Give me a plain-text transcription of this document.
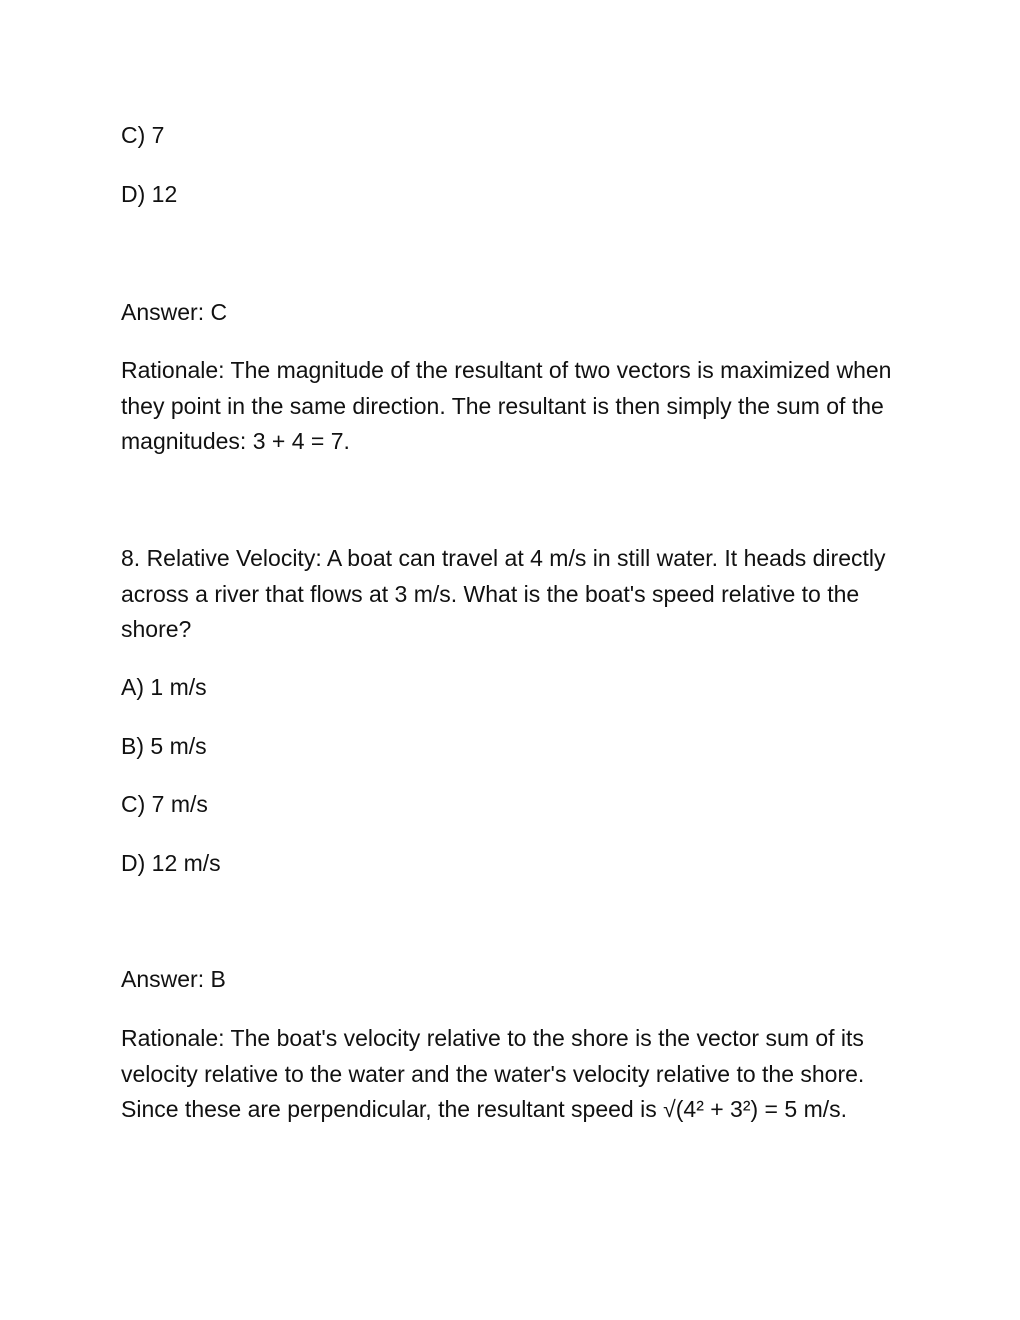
C) 7

D) 12

Answer: C

Rationale: The magnitude of the resultant of two vectors is maximized when they point in the same direction. The resultant is then simply the sum of the magnitudes: 3 + 4 = 7.

8. Relative Velocity: A boat can travel at 4 m/s in still water. It heads directly across a river that flows at 3 m/s. What is the boat's speed relative to the shore?

A) 1 m/s

B) 5 m/s

C) 7 m/s

D) 12 m/s

Answer: B

Rationale: The boat's velocity relative to the shore is the vector sum of its velocity relative to the water and the water's velocity relative to the shore. Since these are perpendicular, the resultant speed is √(4² + 3²) = 5 m/s.
